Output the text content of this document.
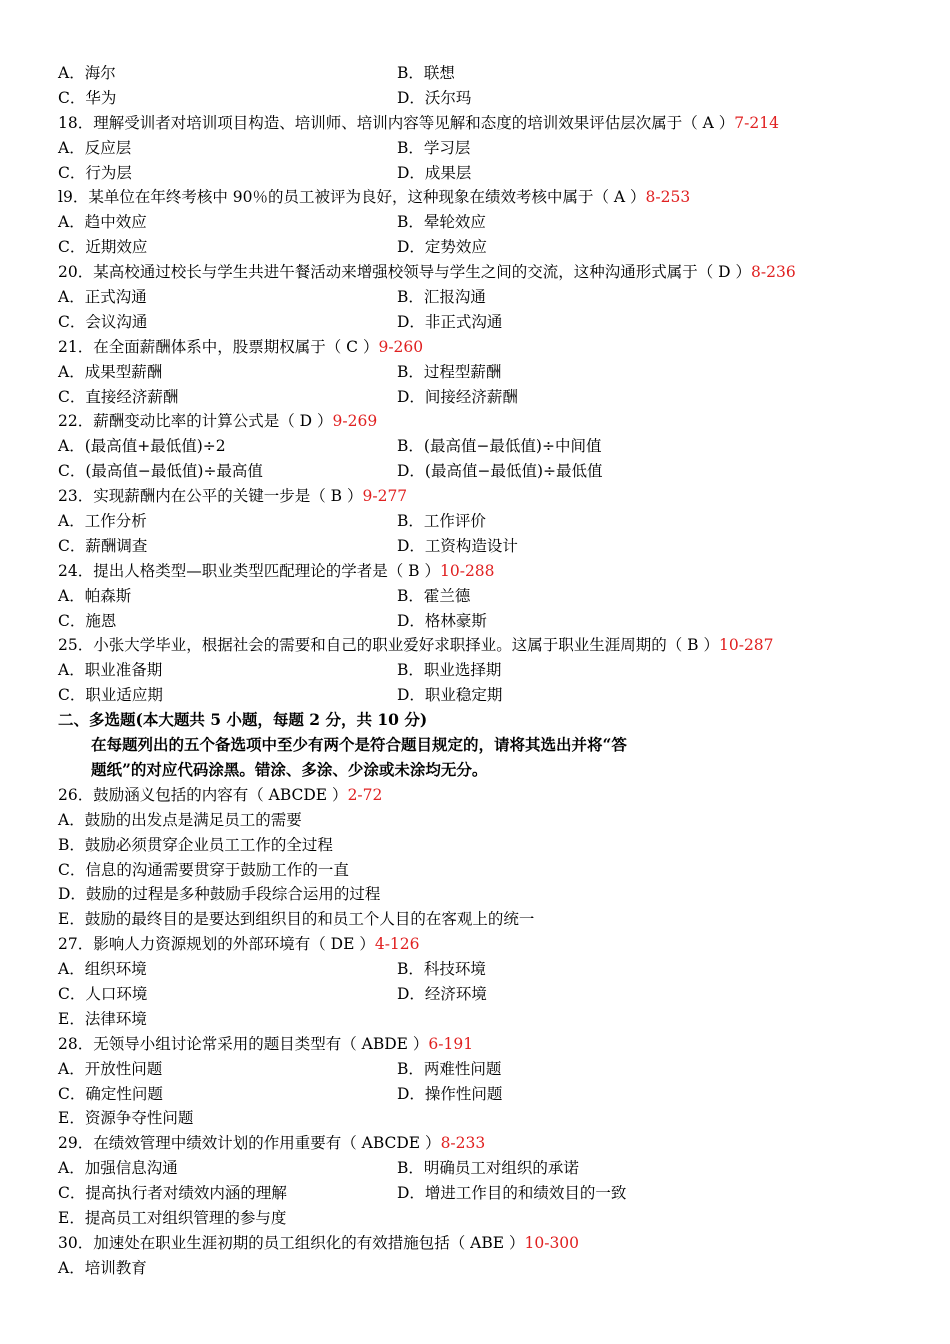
A．海尔	B．联想
C．华为	D．沃尔玛
18．理解受训者对培训项目构造、培训师、培训内容等见解和态度的培训效果评估层次属于（ A ）7-214
A．反应层	B．学习层
C．行为层	D．成果层
l9．某单位在年终考核中 90％的员工被评为良好，这种现象在绩效考核中属于（ A ）8-253
A．趋中效应	B．晕轮效应
C．近期效应	D．定势效应
20．某高校通过校长与学生共进午餐活动来增强校领导与学生之间的交流，这种沟通形式属于（ D ）8-236
A．正式沟通	B．汇报沟通
C．会议沟通	D．非正式沟通
21．在全面薪酬体系中，股票期权属于（ C ）9-260
A．成果型薪酬	B．过程型薪酬
C．直接经济薪酬	D．间接经济薪酬
22．薪酬变动比率的计算公式是（ D ）9-269
A．(最高值+最低值)÷2	B．(最高值−最低值)÷中间值
C．(最高值−最低值)÷最高值	D．(最高值−最低值)÷最低值
23．实现薪酬内在公平的关键一步是（ B ）9-277
A．工作分析	B．工作评价
C．薪酬调查	D．工资构造设计
24．提出人格类型—职业类型匹配理论的学者是（ B ）10-288
A．帕森斯	B．霍兰德
C．施恩	D．格林豪斯
25．小张大学毕业，根据社会的需要和自己的职业爱好求职择业。这属于职业生涯周期的（ B ）10-287
A．职业准备期	B．职业选择期
C．职业适应期	D．职业稳定期
二、多选题(本大题共 5 小题，每题 2 分，共 10 分)
在每题列出的五个备选项中至少有两个是符合题目规定的，请将其选出并将“答
题纸”的对应代码涂黑。错涂、多涂、少涂或未涂均无分。
26．鼓励涵义包括的内容有（ ABCDE ）2-72
A．鼓励的出发点是满足员工的需要
B．鼓励必须贯穿企业员工工作的全过程
C．信息的沟通需要贯穿于鼓励工作的一直
D．鼓励的过程是多种鼓励手段综合运用的过程
E．鼓励的最终目的是要达到组织目的和员工个人目的在客观上的统一
27．影响人力资源规划的外部环境有（ DE ）4-126
A．组织环境	B．科技环境
C．人口环境	D．经济环境
E．法律环境
28．无领导小组讨论常采用的题目类型有（ ABDE ）6-191
A．开放性问题	B．两难性问题
C．确定性问题	D．操作性问题
E．资源争夺性问题
29．在绩效管理中绩效计划的作用重要有（ ABCDE ）8-233
A．加强信息沟通	B．明确员工对组织的承诺
C．提高执行者对绩效内涵的理解	D．增进工作目的和绩效目的一致
E．提高员工对组织管理的参与度
30．加速处在职业生涯初期的员工组织化的有效措施包括（ ABE ）10-300
A．培训教育
